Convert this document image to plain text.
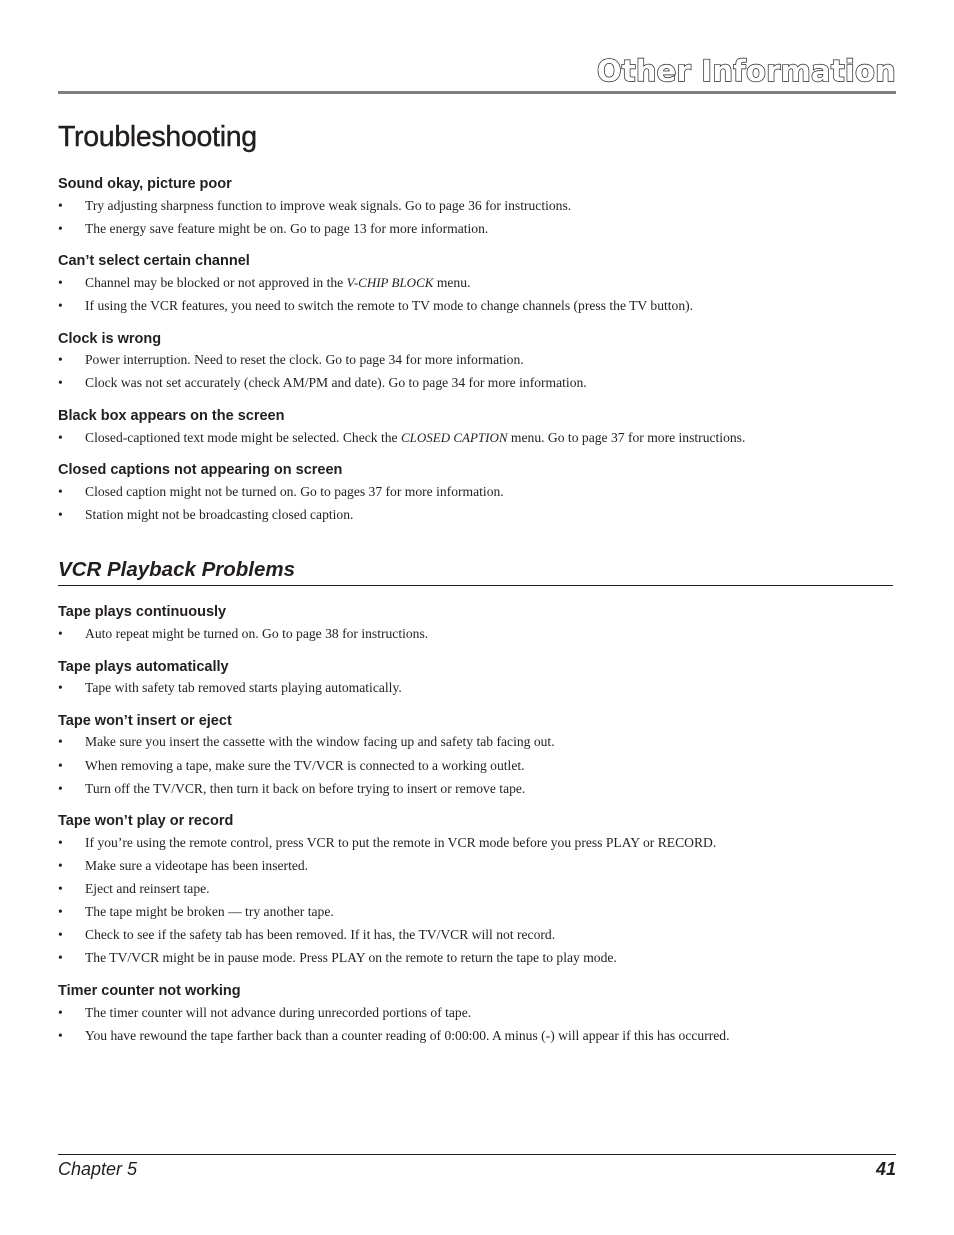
Other Information
Troubleshooting
Sound okay, picture poor
•	Try adjusting sharpness function to improve weak signals. Go to page 36 for instructions.
•	The energy save feature might be on. Go to page 13 for more information.
Can’t select certain channel
•	Channel may be blocked or not approved in the V-CHIP BLOCK menu.
•	If using the VCR features, you need to switch the remote to TV mode to change channels (press the TV button).
Clock is wrong
•	Power interruption. Need to reset the clock. Go to page 34 for more information.
•	Clock was not set accurately (check AM/PM and date). Go to page 34 for more information.
Black box appears on the screen
•	Closed-captioned text mode might be selected. Check the CLOSED CAPTION menu. Go to page 37 for more instructions.
Closed captions not appearing on screen
•	Closed caption might not be turned on. Go to pages 37 for more information.
•	Station might not be broadcasting closed caption.
VCR Playback Problems
Tape plays continuously
•	Auto repeat might be turned on. Go to page 38 for instructions.
Tape plays automatically
•	Tape with safety tab removed starts playing automatically.
Tape won’t insert or eject
•	Make sure you insert the cassette with the window facing up and safety tab facing out.
•	When removing a tape, make sure the TV/VCR is connected to a working outlet.
•	Turn off the TV/VCR, then turn it back on before trying to insert or remove tape.
Tape won’t play or record
•	If you’re using the remote control, press VCR to put the remote in VCR mode before you press PLAY or RECORD.
•	Make sure a videotape has been inserted.
•	Eject and reinsert tape.
•	The tape might be broken — try another tape.
•	Check to see if the safety tab has been removed. If it has, the TV/VCR will not record.
•	The TV/VCR might be in pause mode. Press PLAY on the remote to return the tape to play mode.
Timer counter not working
•	The timer counter will not advance during unrecorded portions of tape.
•	You have rewound the tape farther back than a counter reading of 0:00:00. A minus (-) will appear if this has occurred.
Chapter 5	41
